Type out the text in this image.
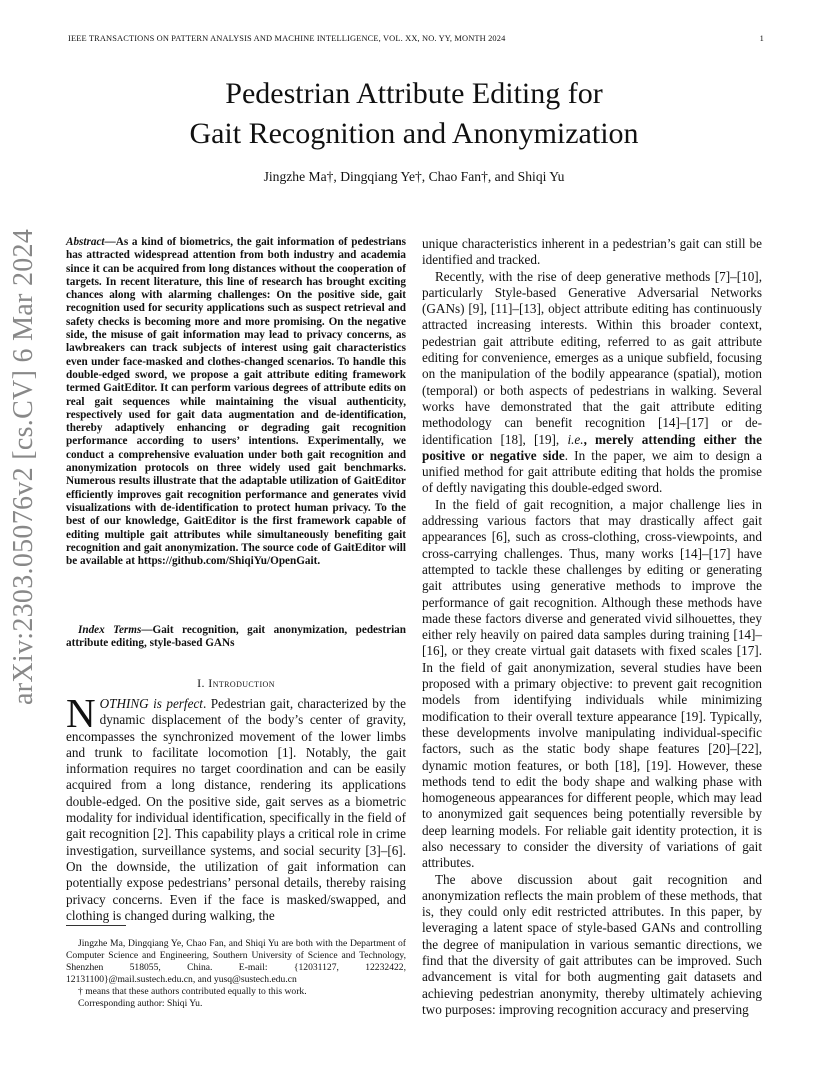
IEEE TRANSACTIONS ON PATTERN ANALYSIS AND MACHINE INTELLIGENCE, VOL. XX, NO. YY, MONTH 2024	1
arXiv:2303.05076v2 [cs.CV] 6 Mar 2024
Pedestrian Attribute Editing for
Gait Recognition and Anonymization
Jingzhe Ma†, Dingqiang Ye†, Chao Fan†, and Shiqi Yu
Abstract—As a kind of biometrics, the gait information of pedestrians has attracted widespread attention from both industry and academia since it can be acquired from long distances without the cooperation of targets. In recent literature, this line of research has brought exciting chances along with alarming challenges: On the positive side, gait recognition used for security applications such as suspect retrieval and safety checks is becoming more and more promising. On the negative side, the misuse of gait information may lead to privacy concerns, as lawbreakers can track subjects of interest using gait characteristics even under face-masked and clothes-changed scenarios. To handle this double-edged sword, we propose a gait attribute editing framework termed GaitEditor. It can perform various degrees of attribute edits on real gait sequences while maintaining the visual authenticity, respectively used for gait data augmentation and de-identification, thereby adaptively enhancing or degrading gait recognition performance according to users’ intentions. Experimentally, we conduct a comprehensive evaluation under both gait recognition and anonymization protocols on three widely used gait benchmarks. Numerous results illustrate that the adaptable utilization of GaitEditor efficiently improves gait recognition performance and generates vivid visualizations with de-identification to protect human privacy. To the best of our knowledge, GaitEditor is the first framework capable of editing multiple gait attributes while simultaneously benefiting gait recognition and gait anonymization. The source code of GaitEditor will be available at https://github.com/ShiqiYu/OpenGait.
Index Terms—Gait recognition, gait anonymization, pedestrian attribute editing, style-based GANs
I. Introduction
NOTHING is perfect. Pedestrian gait, characterized by the dynamic displacement of the body’s center of gravity, encompasses the synchronized movement of the lower limbs and trunk to facilitate locomotion [1]. Notably, the gait information requires no target coordination and can be easily acquired from a long distance, rendering its applications double-edged. On the positive side, gait serves as a biometric modality for individual identification, specifically in the field of gait recognition [2]. This capability plays a critical role in crime investigation, surveillance systems, and social security [3]–[6]. On the downside, the utilization of gait information can potentially expose pedestrians’ personal details, thereby raising privacy concerns. Even if the face is masked/swapped, and clothing is changed during walking, the

Jingzhe Ma, Dingqiang Ye, Chao Fan, and Shiqi Yu are both with the Department of Computer Science and Engineering, Southern University of Science and Technology, Shenzhen 518055, China. E-mail: {12031127, 12232422, 12131100}@mail.sustech.edu.cn, and yusq@sustech.edu.cn

† means that these authors contributed equally to this work.

Corresponding author: Shiqi Yu.

unique characteristics inherent in a pedestrian’s gait can still be identified and tracked.

Recently, with the rise of deep generative methods [7]–[10], particularly Style-based Generative Adversarial Networks (GANs) [9], [11]–[13], object attribute editing has continuously attracted increasing interests. Within this broader context, pedestrian gait attribute editing, referred to as gait attribute editing for convenience, emerges as a unique subfield, focusing on the manipulation of the bodily appearance (spatial), motion (temporal) or both aspects of pedestrians in walking. Several works have demonstrated that the gait attribute editing methodology can benefit recognition [14]–[17] or de-identification [18], [19], i.e., merely attending either the positive or negative side. In the paper, we aim to design a unified method for gait attribute editing that holds the promise of deftly navigating this double-edged sword.

In the field of gait recognition, a major challenge lies in addressing various factors that may drastically affect gait appearances [6], such as cross-clothing, cross-viewpoints, and cross-carrying challenges. Thus, many works [14]–[17] have attempted to tackle these challenges by editing or generating gait attributes using generative methods to improve the performance of gait recognition. Although these methods have made these factors diverse and generated vivid silhouettes, they either rely heavily on paired data samples during training [14]–[16], or they create virtual gait datasets with fixed scales [17]. In the field of gait anonymization, several studies have been proposed with a primary objective: to prevent gait recognition models from identifying individuals while minimizing modification to their overall texture appearance [19]. Typically, these developments involve manipulating individual-specific factors, such as the static body shape features [20]–[22], dynamic motion features, or both [18], [19]. However, these methods tend to edit the body shape and walking phase with homogeneous appearances for different people, which may lead to anonymized gait sequences being potentially reversible by deep learning models. For reliable gait identity protection, it is also necessary to consider the diversity of variations of gait attributes.

The above discussion about gait recognition and anonymization reflects the main problem of these methods, that is, they could only edit restricted attributes. In this paper, by leveraging a latent space of style-based GANs and controlling the degree of manipulation in various semantic directions, we find that the diversity of gait attributes can be improved. Such advancement is vital for both augmenting gait datasets and achieving pedestrian anonymity, thereby ultimately achieving two purposes: improving recognition accuracy and preserving
